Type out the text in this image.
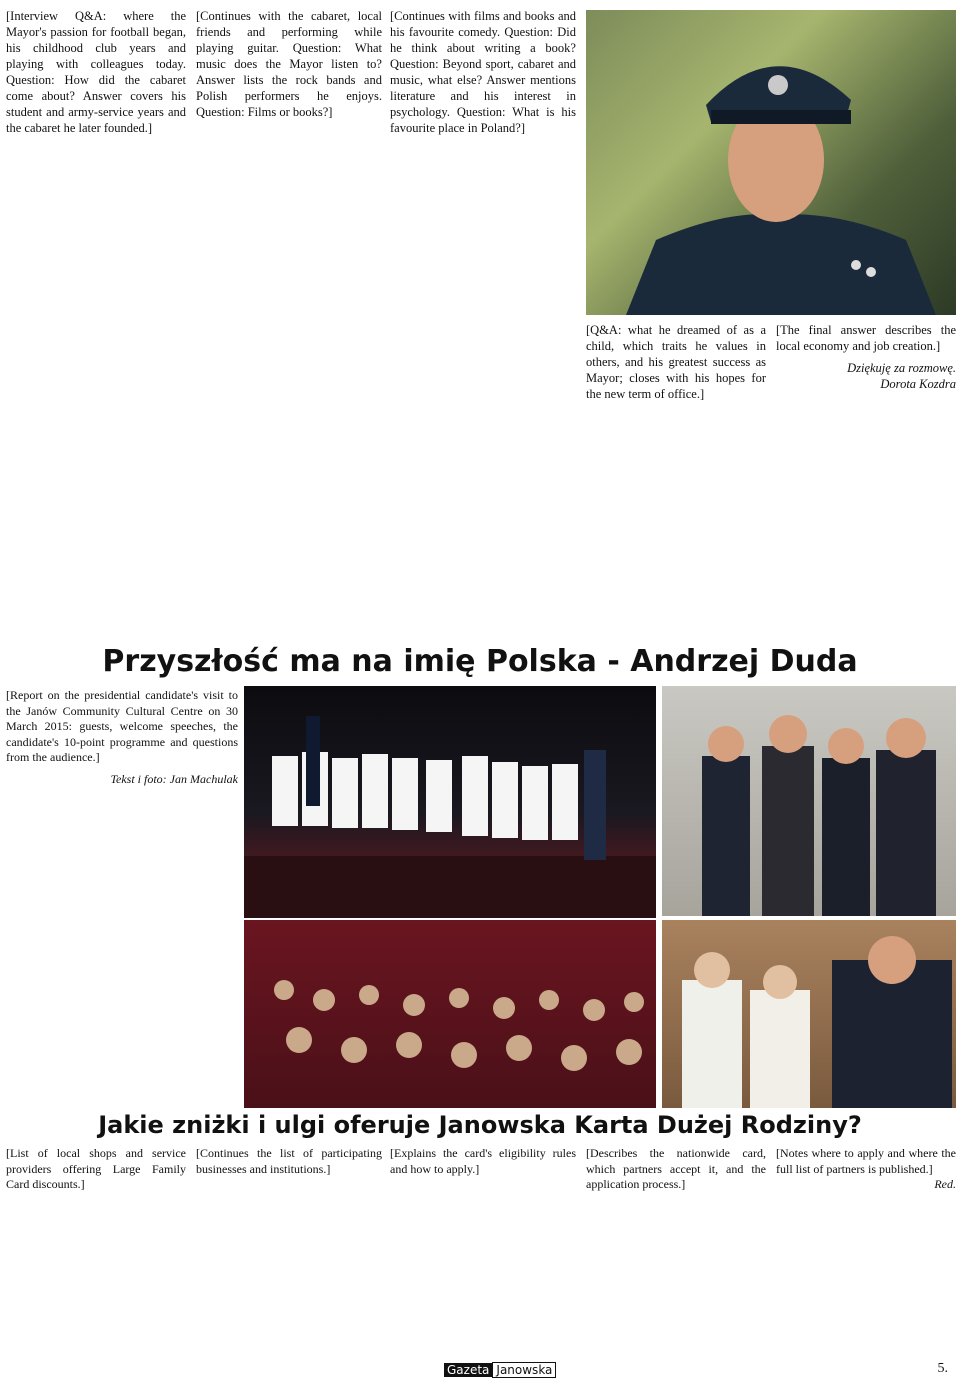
[Interview Q&A: where the Mayor's passion for football began, his childhood club years and playing with colleagues today. Question: How did the cabaret come about? Answer covers his student and army-service years and the cabaret he later founded.]

[Continues with the cabaret, local friends and performing while playing guitar. Question: What music does the Mayor listen to? Answer lists the rock bands and Polish performers he enjoys. Question: Films or books?]

[Continues with films and books and his favourite comedy. Question: Did he think about writing a book? Question: Beyond sport, cabaret and music, what else? Answer mentions literature and his interest in psychology. Question: What is his favourite place in Poland?]

[Q&A: what he dreamed of as a child, which traits he values in others, and his greatest success as Mayor; closes with his hopes for the new term of office.]

[The final answer describes the local economy and job creation.]

Dziękuję za rozmowę.
Dorota Kozdra
Przyszłość ma na imię Polska - Andrzej Duda

[Report on the presidential candidate's visit to the Janów Community Cultural Centre on 30 March 2015: guests, welcome speeches, the candidate's 10-point programme and questions from the audience.]

Tekst i foto: Jan Machulak
Jakie zniżki i ulgi oferuje Janowska Karta Dużej Rodziny?
[List of local shops and service providers offering Large Family Card discounts.]
[Continues the list of participating businesses and institutions.]
[Explains the card's eligibility rules and how to apply.]
[Describes the nationwide card, which partners accept it, and the application process.]
[Notes where to apply and where the full list of partners is published.]
Red.
Gazeta Janowska	5.
